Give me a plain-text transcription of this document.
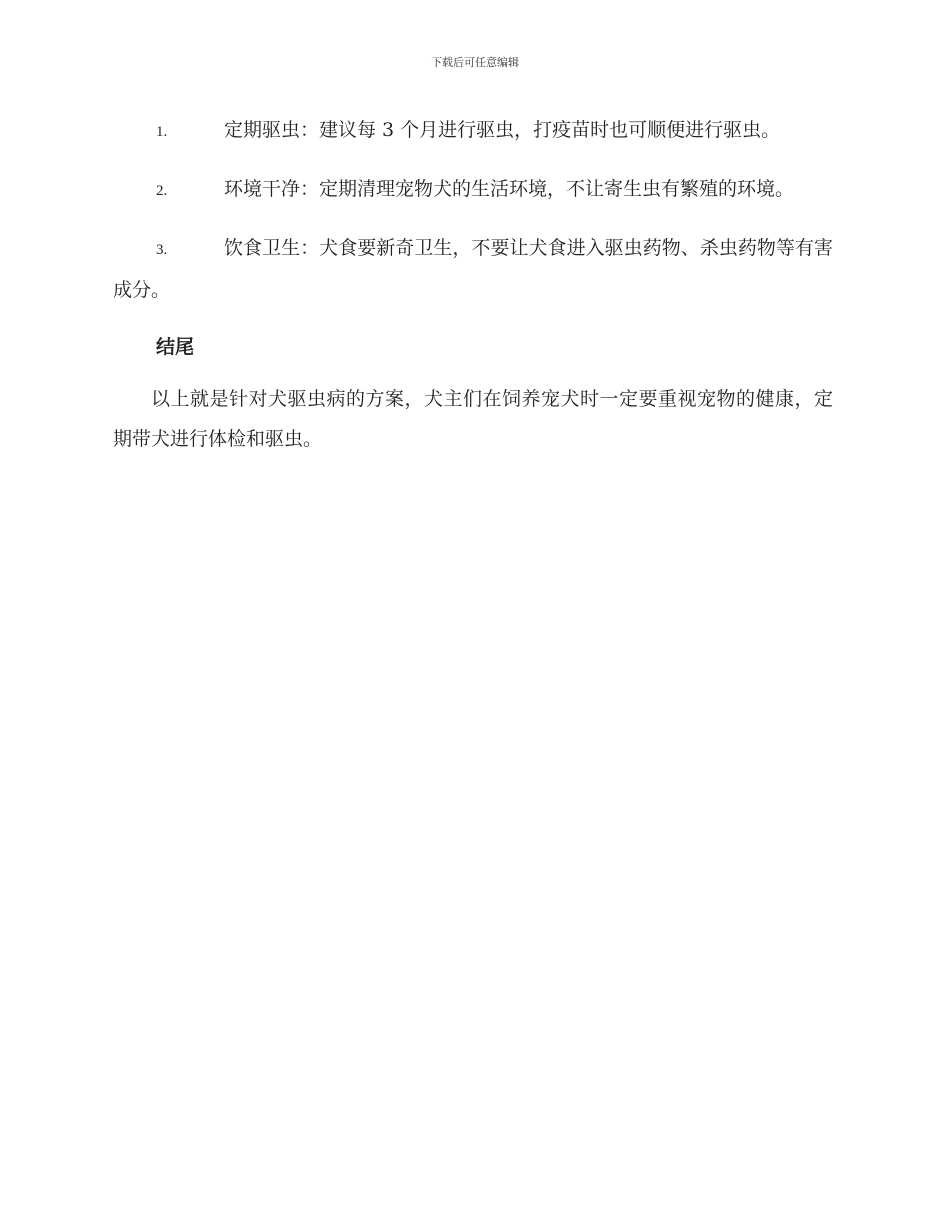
下载后可任意编辑

1.	定期驱虫：建议每 3 个月进行驱虫，打疫苗时也可顺便进行驱虫。

2.	环境干净：定期清理宠物犬的生活环境，不让寄生虫有繁殖的环境。

3.	饮食卫生：犬食要新奇卫生，不要让犬食进入驱虫药物、杀虫药物等有害成分。

结尾

以上就是针对犬驱虫病的方案，犬主们在饲养宠犬时一定要重视宠物的健康，定期带犬进行体检和驱虫。
